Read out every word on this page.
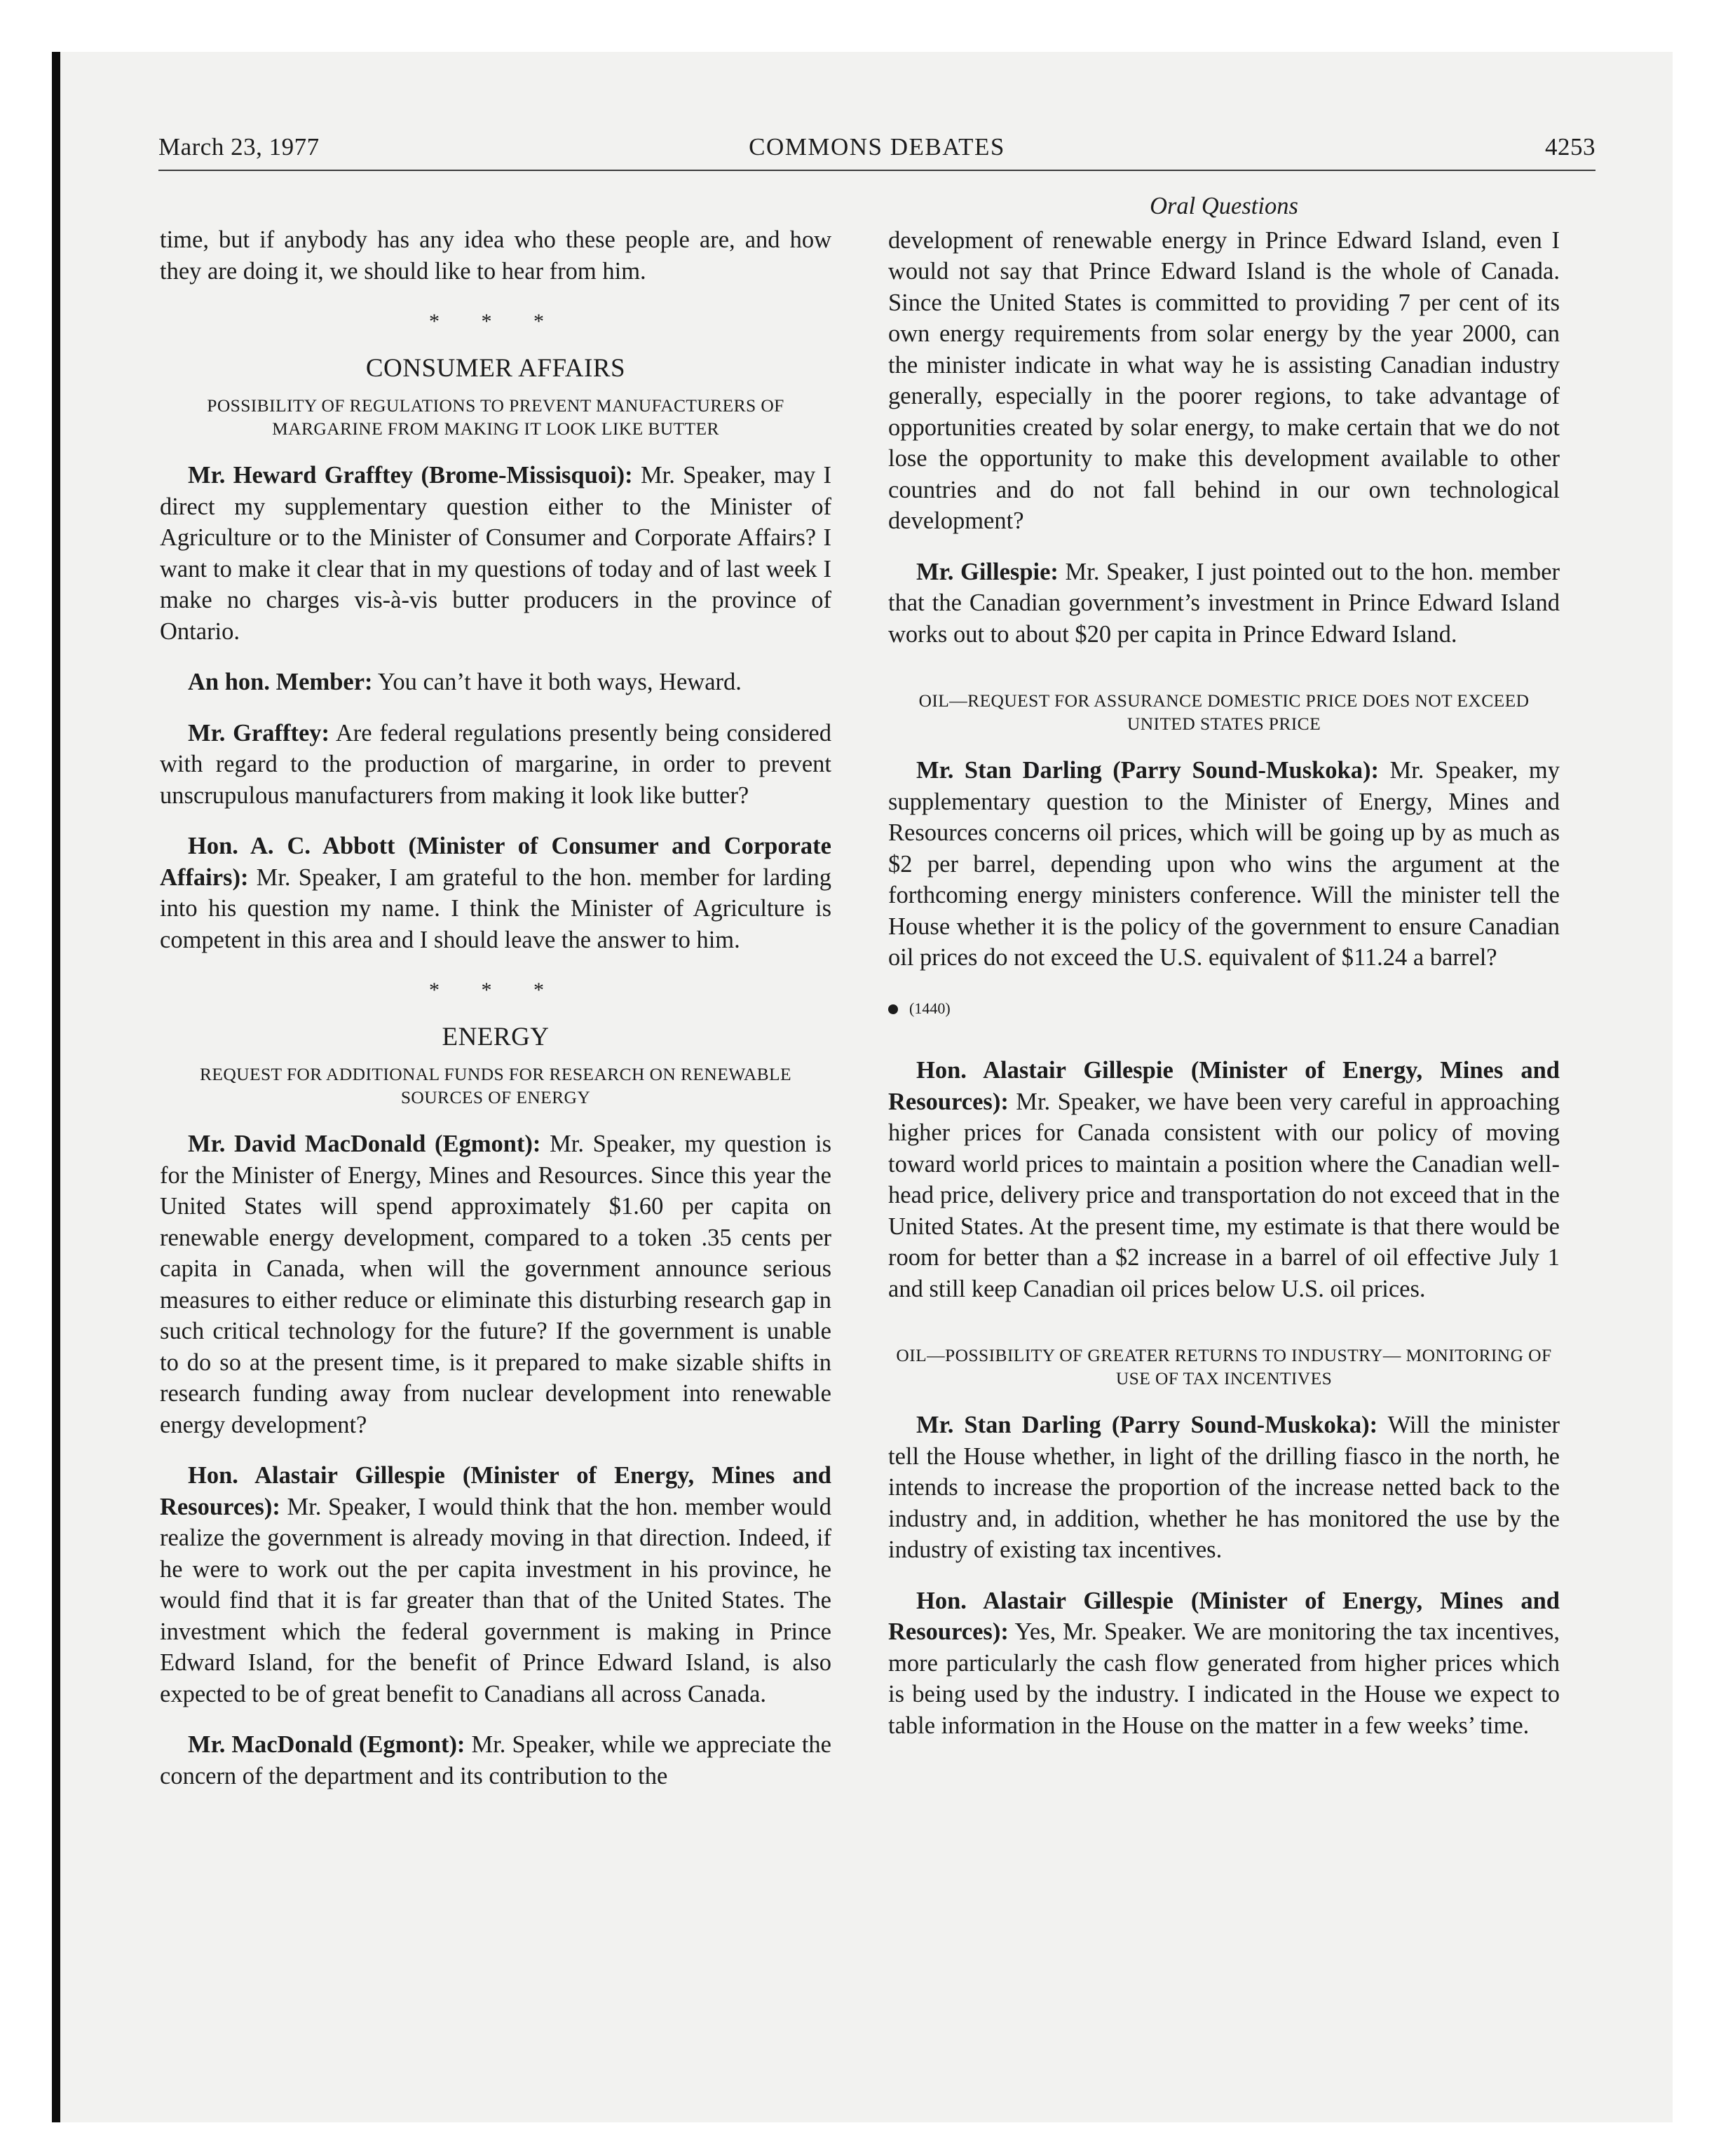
March 23, 1977	COMMONS DEBATES	4253

time, but if anybody has any idea who these people are, and how they are doing it, we should like to hear from him.

* * *
CONSUMER AFFAIRS
POSSIBILITY OF REGULATIONS TO PREVENT MANUFACTURERS OF MARGARINE FROM MAKING IT LOOK LIKE BUTTER

Mr. Heward Grafftey (Brome-Missisquoi): Mr. Speaker, may I direct my supplementary question either to the Minister of Agriculture or to the Minister of Consumer and Corporate Affairs? I want to make it clear that in my questions of today and of last week I make no charges vis-à-vis butter producers in the province of Ontario.

An hon. Member: You can’t have it both ways, Heward.

Mr. Grafftey: Are federal regulations presently being considered with regard to the production of margarine, in order to prevent unscrupulous manufacturers from making it look like butter?

Hon. A. C. Abbott (Minister of Consumer and Corporate Affairs): Mr. Speaker, I am grateful to the hon. member for larding into his question my name. I think the Minister of Agriculture is competent in this area and I should leave the answer to him.

* * *
ENERGY
REQUEST FOR ADDITIONAL FUNDS FOR RESEARCH ON RENEWABLE SOURCES OF ENERGY

Mr. David MacDonald (Egmont): Mr. Speaker, my question is for the Minister of Energy, Mines and Resources. Since this year the United States will spend approximately $1.60 per capita on renewable energy development, compared to a token .35 cents per capita in Canada, when will the government announce serious measures to either reduce or eliminate this disturbing research gap in such critical technology for the future? If the government is unable to do so at the present time, is it prepared to make sizable shifts in research funding away from nuclear development into renewable energy development?

Hon. Alastair Gillespie (Minister of Energy, Mines and Resources): Mr. Speaker, I would think that the hon. member would realize the government is already moving in that direction. Indeed, if he were to work out the per capita investment in his province, he would find that it is far greater than that of the United States. The investment which the federal government is making in Prince Edward Island, for the benefit of Prince Edward Island, is also expected to be of great benefit to Canadians all across Canada.

Mr. MacDonald (Egmont): Mr. Speaker, while we appreciate the concern of the department and its contribution to the

Oral Questions

development of renewable energy in Prince Edward Island, even I would not say that Prince Edward Island is the whole of Canada. Since the United States is committed to providing 7 per cent of its own energy requirements from solar energy by the year 2000, can the minister indicate in what way he is assisting Canadian industry generally, especially in the poorer regions, to take advantage of opportunities created by solar energy, to make certain that we do not lose the opportunity to make this development available to other countries and do not fall behind in our own technological development?

Mr. Gillespie: Mr. Speaker, I just pointed out to the hon. member that the Canadian government’s investment in Prince Edward Island works out to about $20 per capita in Prince Edward Island.

OIL—REQUEST FOR ASSURANCE DOMESTIC PRICE DOES NOT EXCEED UNITED STATES PRICE

Mr. Stan Darling (Parry Sound-Muskoka): Mr. Speaker, my supplementary question to the Minister of Energy, Mines and Resources concerns oil prices, which will be going up by as much as $2 per barrel, depending upon who wins the argument at the forthcoming energy ministers conference. Will the minister tell the House whether it is the policy of the government to ensure Canadian oil prices do not exceed the U.S. equivalent of $11.24 a barrel?

(1440)

Hon. Alastair Gillespie (Minister of Energy, Mines and Resources): Mr. Speaker, we have been very careful in approaching higher prices for Canada consistent with our policy of moving toward world prices to maintain a position where the Canadian well-head price, delivery price and transportation do not exceed that in the United States. At the present time, my estimate is that there would be room for better than a $2 increase in a barrel of oil effective July 1 and still keep Canadian oil prices below U.S. oil prices.

OIL—POSSIBILITY OF GREATER RETURNS TO INDUSTRY— MONITORING OF USE OF TAX INCENTIVES

Mr. Stan Darling (Parry Sound-Muskoka): Will the minister tell the House whether, in light of the drilling fiasco in the north, he intends to increase the proportion of the increase netted back to the industry and, in addition, whether he has monitored the use by the industry of existing tax incentives.

Hon. Alastair Gillespie (Minister of Energy, Mines and Resources): Yes, Mr. Speaker. We are monitoring the tax incentives, more particularly the cash flow generated from higher prices which is being used by the industry. I indicated in the House we expect to table information in the House on the matter in a few weeks’ time.
